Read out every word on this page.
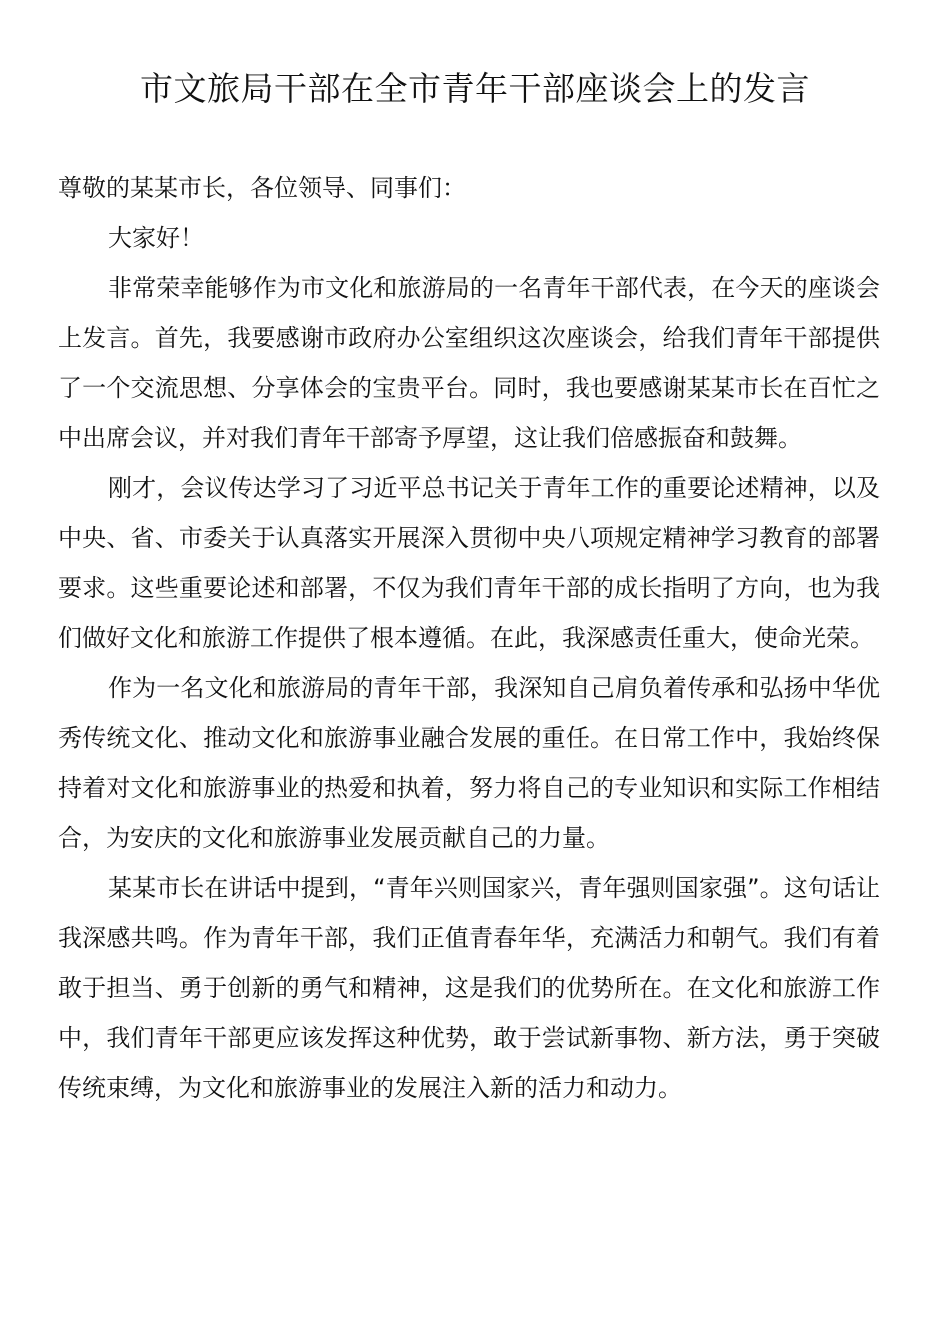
市文旅局干部在全市青年干部座谈会上的发言

尊敬的某某市长，各位领导、同事们：

大家好！

非常荣幸能够作为市文化和旅游局的一名青年干部代表，在今天的座谈会上发言。首先，我要感谢市政府办公室组织这次座谈会，给我们青年干部提供了一个交流思想、分享体会的宝贵平台。同时，我也要感谢某某市长在百忙之中出席会议，并对我们青年干部寄予厚望，这让我们倍感振奋和鼓舞。

刚才，会议传达学习了习近平总书记关于青年工作的重要论述精神，以及中央、省、市委关于认真落实开展深入贯彻中央八项规定精神学习教育的部署要求。这些重要论述和部署，不仅为我们青年干部的成长指明了方向，也为我们做好文化和旅游工作提供了根本遵循。在此，我深感责任重大，使命光荣。

作为一名文化和旅游局的青年干部，我深知自己肩负着传承和弘扬中华优秀传统文化、推动文化和旅游事业融合发展的重任。在日常工作中，我始终保持着对文化和旅游事业的热爱和执着，努力将自己的专业知识和实际工作相结合，为安庆的文化和旅游事业发展贡献自己的力量。

某某市长在讲话中提到，“青年兴则国家兴，青年强则国家强”。这句话让我深感共鸣。作为青年干部，我们正值青春年华，充满活力和朝气。我们有着敢于担当、勇于创新的勇气和精神，这是我们的优势所在。在文化和旅游工作中，我们青年干部更应该发挥这种优势，敢于尝试新事物、新方法，勇于突破传统束缚，为文化和旅游事业的发展注入新的活力和动力。
